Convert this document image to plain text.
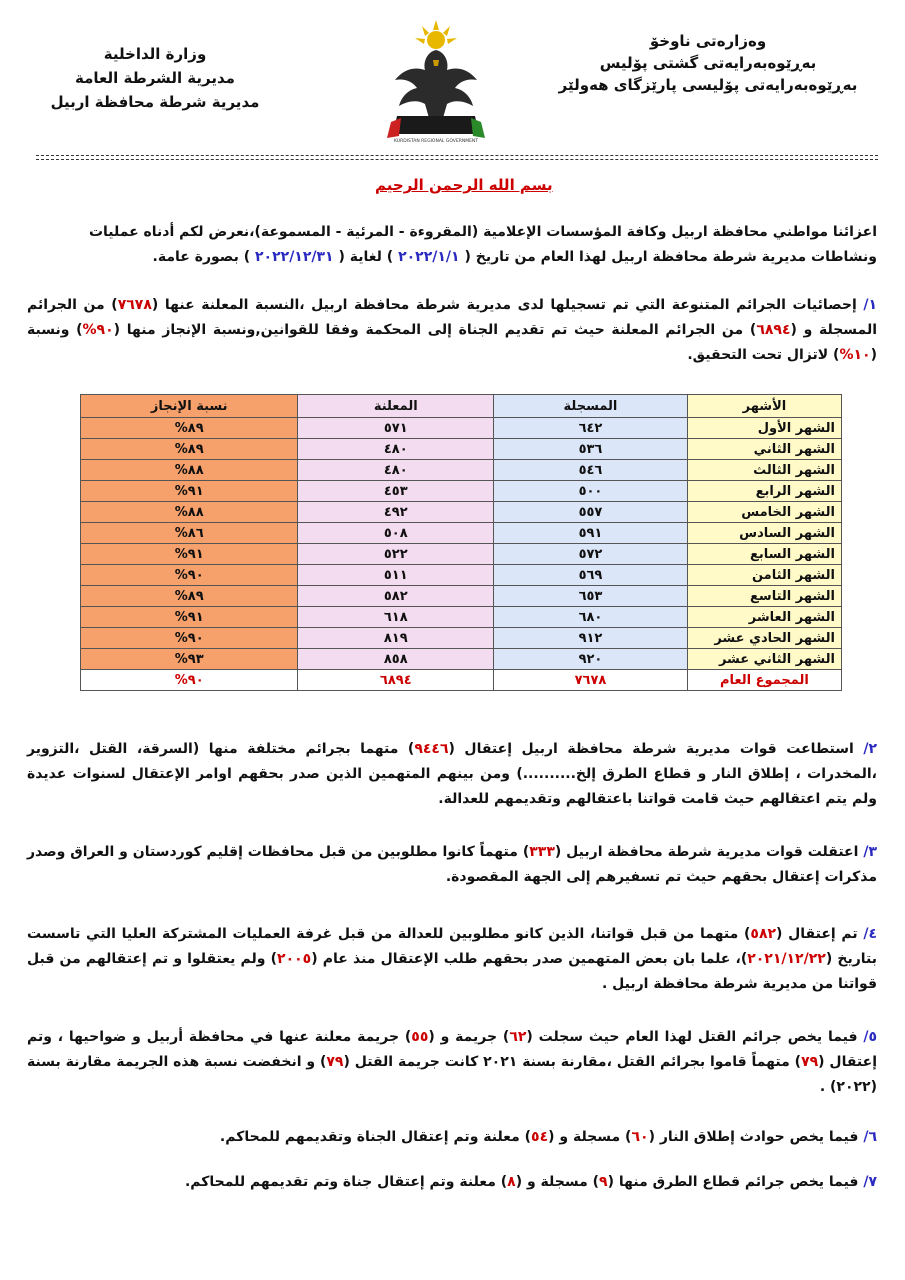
وەزارەتی ناوخۆ
بەڕێوەبەرایەتی گشتی پۆلیس
بەڕێوەبەرایەتی پۆلیسی پارێزگای هەولێر
وزارة الداخلية
مديرية الشرطة العامة
مديرية شرطة محافظة اربيل
KURDISTAN REGIONAL GOVERNMENT
بسم الله الرحمن الرحيم
اعزائنا مواطني محافظة اربيل وكافة المؤسسات الإعلامية (المقروءة - المرئية - المسموعة)،نعرض لكم أدناه عمليات
ونشاطات مديرية شرطة محافظة اربيل لهذا العام من تاريخ ( ٢٠٢٢/١/١ ) لغاية ( ٢٠٢٢/١٢/٣١ ) بصورة عامة.
١/ إحصائيات الجرائم المتنوعة التي تم تسجيلها لدى مديرية شرطة محافظة اربيل ،النسبة المعلنة عنها (٧٦٧٨) من الجرائم المسجلة و (٦٨٩٤) من الجرائم المعلنة حيث تم تقديم الجناة إلى المحكمة وفقا للقوانين,ونسبة الإنجاز منها (٩٠%) ونسبة (١٠%) لاتزال تحت التحقيق.
الأشهر	المسجلة	المعلنة	نسبة الإنجاز
الشهر الأول	٦٤٢	٥٧١	٨٩%
الشهر الثاني	٥٣٦	٤٨٠	٨٩%
الشهر الثالث	٥٤٦	٤٨٠	٨٨%
الشهر الرابع	٥٠٠	٤٥٣	٩١%
الشهر الخامس	٥٥٧	٤٩٢	٨٨%
الشهر السادس	٥٩١	٥٠٨	٨٦%
الشهر السابع	٥٧٢	٥٢٢	٩١%
الشهر الثامن	٥٦٩	٥١١	٩٠%
الشهر التاسع	٦٥٣	٥٨٢	٨٩%
الشهر العاشر	٦٨٠	٦١٨	٩١%
الشهر الحادي عشر	٩١٢	٨١٩	٩٠%
الشهر الثاني عشر	٩٢٠	٨٥٨	٩٣%
المجموع العام	٧٦٧٨	٦٨٩٤	٩٠%
٢/ استطاعت قوات مديرية شرطة محافظة اربيل إعتقال (٩٤٤٦) متهما بجرائم مختلفة منها (السرقة، القتل ،التزوير ،المخدرات ، إطلاق النار و قطاع الطرق إلخ..........) ومن بينهم المتهمين الذين صدر بحقهم اوامر الإعتقال لسنوات عديدة ولم يتم اعتقالهم حيث قامت قواتنا باعتقالهم وتقديمهم للعدالة.
٣/ اعتقلت قوات مديرية شرطة محافظة اربيل (٣٣٣) متهماً كانوا مطلوبين من قبل محافظات إقليم كوردستان و العراق وصدر مذكرات إعتقال بحقهم حيث تم تسفيرهم إلى الجهة المقصودة.
٤/ تم إعتقال (٥٨٢) متهما من قبل قواتنا، الذين كانو مطلوبين للعدالة من قبل غرفة العمليات المشتركة العليا التي تاسست بتاريخ (٢٠٢١/١٢/٢٢)، علما بان بعض المتهمين صدر بحقهم طلب الإعتقال منذ عام (٢٠٠٥) ولم يعتقلوا و تم إعتقالهم من قبل قواتنا من مديرية شرطة محافظة اربيل .
٥/ فيما يخص جرائم القتل لهذا العام حيث سجلت (٦٢) جريمة و (٥٥) جريمة معلنة عنها في محافظة أربيل و ضواحيها ، وتم إعتقال (٧٩) متهماً قاموا بجرائم القتل ،مقارنة بسنة ٢٠٢١ كانت جريمة القتل (٧٩) و انخفضت نسبة هذه الجريمة مقارنة بسنة (٢٠٢٢) .
٦/ فيما يخص حوادث إطلاق النار (٦٠) مسجلة و (٥٤) معلنة وتم إعتقال الجناة وتقديمهم للمحاكم.
٧/ فيما يخص جرائم قطاع الطرق منها (٩) مسجلة و (٨) معلنة وتم إعتقال جناة وتم تقديمهم للمحاكم.
